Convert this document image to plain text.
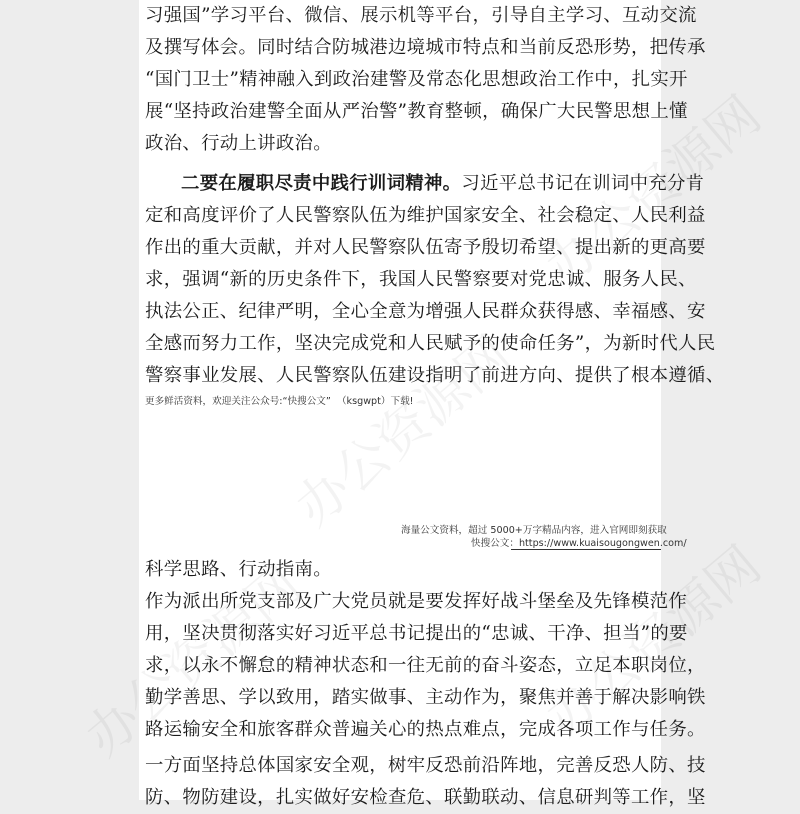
习强国”学习平台、微信、展示机等平台，引导自主学习、互动交流

及撰写体会。同时结合防城港边境城市特点和当前反恐形势，把传承

“国门卫士”精神融入到政治建警及常态化思想政治工作中，扎实开

展“坚持政治建警全面从严治警”教育整顿，确保广大民警思想上懂

政治、行动上讲政治。

二要在履职尽责中践行训词精神。习近平总书记在训词中充分肯

定和高度评价了人民警察队伍为维护国家安全、社会稳定、人民利益

作出的重大贡献，并对人民警察队伍寄予殷切希望、提出新的更高要

求，强调“新的历史条件下，我国人民警察要对党忠诚、服务人民、

执法公正、纪律严明，全心全意为增强人民群众获得感、幸福感、安

全感而努力工作，坚决完成党和人民赋予的使命任务”，为新时代人民

警察事业发展、人民警察队伍建设指明了前进方向、提供了根本遵循、

更多鲜活资料，欢迎关注公众号:“快搜公文”  （ksgwpt）下载!
海量公文资料，超过 5000+万字精品内容，进入官网即刻获取
快搜公文：https://www.kuaisougongwen.com/

科学思路、行动指南。

作为派出所党支部及广大党员就是要发挥好战斗堡垒及先锋模范作

用，坚决贯彻落实好习近平总书记提出的“忠诚、干净、担当”的要

求，以永不懈怠的精神状态和一往无前的奋斗姿态，立足本职岗位，

勤学善思、学以致用，踏实做事、主动作为，聚焦并善于解决影响铁

路运输安全和旅客群众普遍关心的热点难点，完成各项工作与任务。

一方面坚持总体国家安全观，树牢反恐前沿阵地，完善反恐人防、技

防、物防建设，扎实做好安检查危、联勤联动、信息研判等工作，坚
